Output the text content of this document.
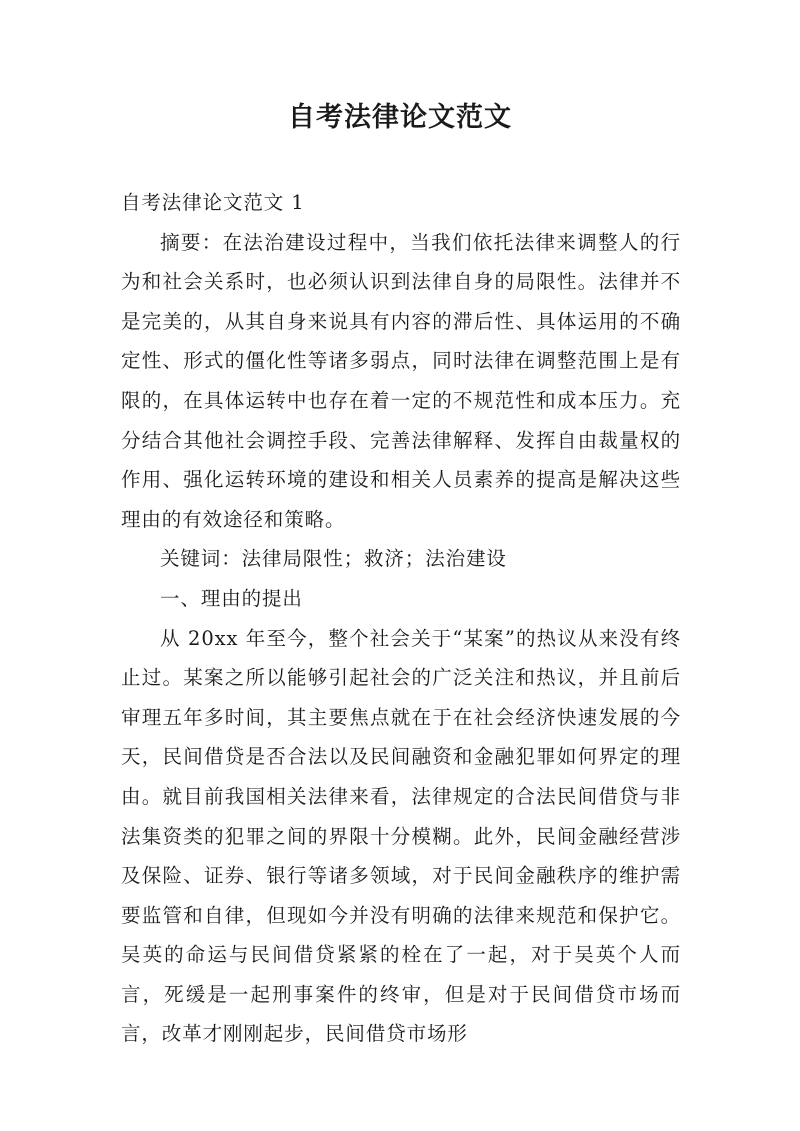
自考法律论文范文

自考法律论文范文 1

摘要：在法治建设过程中，当我们依托法律来调整人的行为和社会关系时，也必须认识到法律自身的局限性。法律并不是完美的，从其自身来说具有内容的滞后性、具体运用的不确定性、形式的僵化性等诸多弱点，同时法律在调整范围上是有限的，在具体运转中也存在着一定的不规范性和成本压力。充分结合其他社会调控手段、完善法律解释、发挥自由裁量权的作用、强化运转环境的建设和相关人员素养的提高是解决这些理由的有效途径和策略。

关键词：法律局限性；救济；法治建设

一、理由的提出

从 20xx 年至今，整个社会关于“某案”的热议从来没有终止过。某案之所以能够引起社会的广泛关注和热议，并且前后审理五年多时间，其主要焦点就在于在社会经济快速发展的今天，民间借贷是否合法以及民间融资和金融犯罪如何界定的理由。就目前我国相关法律来看，法律规定的合法民间借贷与非法集资类的犯罪之间的界限十分模糊。此外，民间金融经营涉及保险、证券、银行等诸多领域，对于民间金融秩序的维护需要监管和自律，但现如今并没有明确的法律来规范和保护它。吴英的命运与民间借贷紧紧的栓在了一起，对于吴英个人而言，死缓是一起刑事案件的终审，但是对于民间借贷市场而言，改革才刚刚起步，民间借贷市场形
